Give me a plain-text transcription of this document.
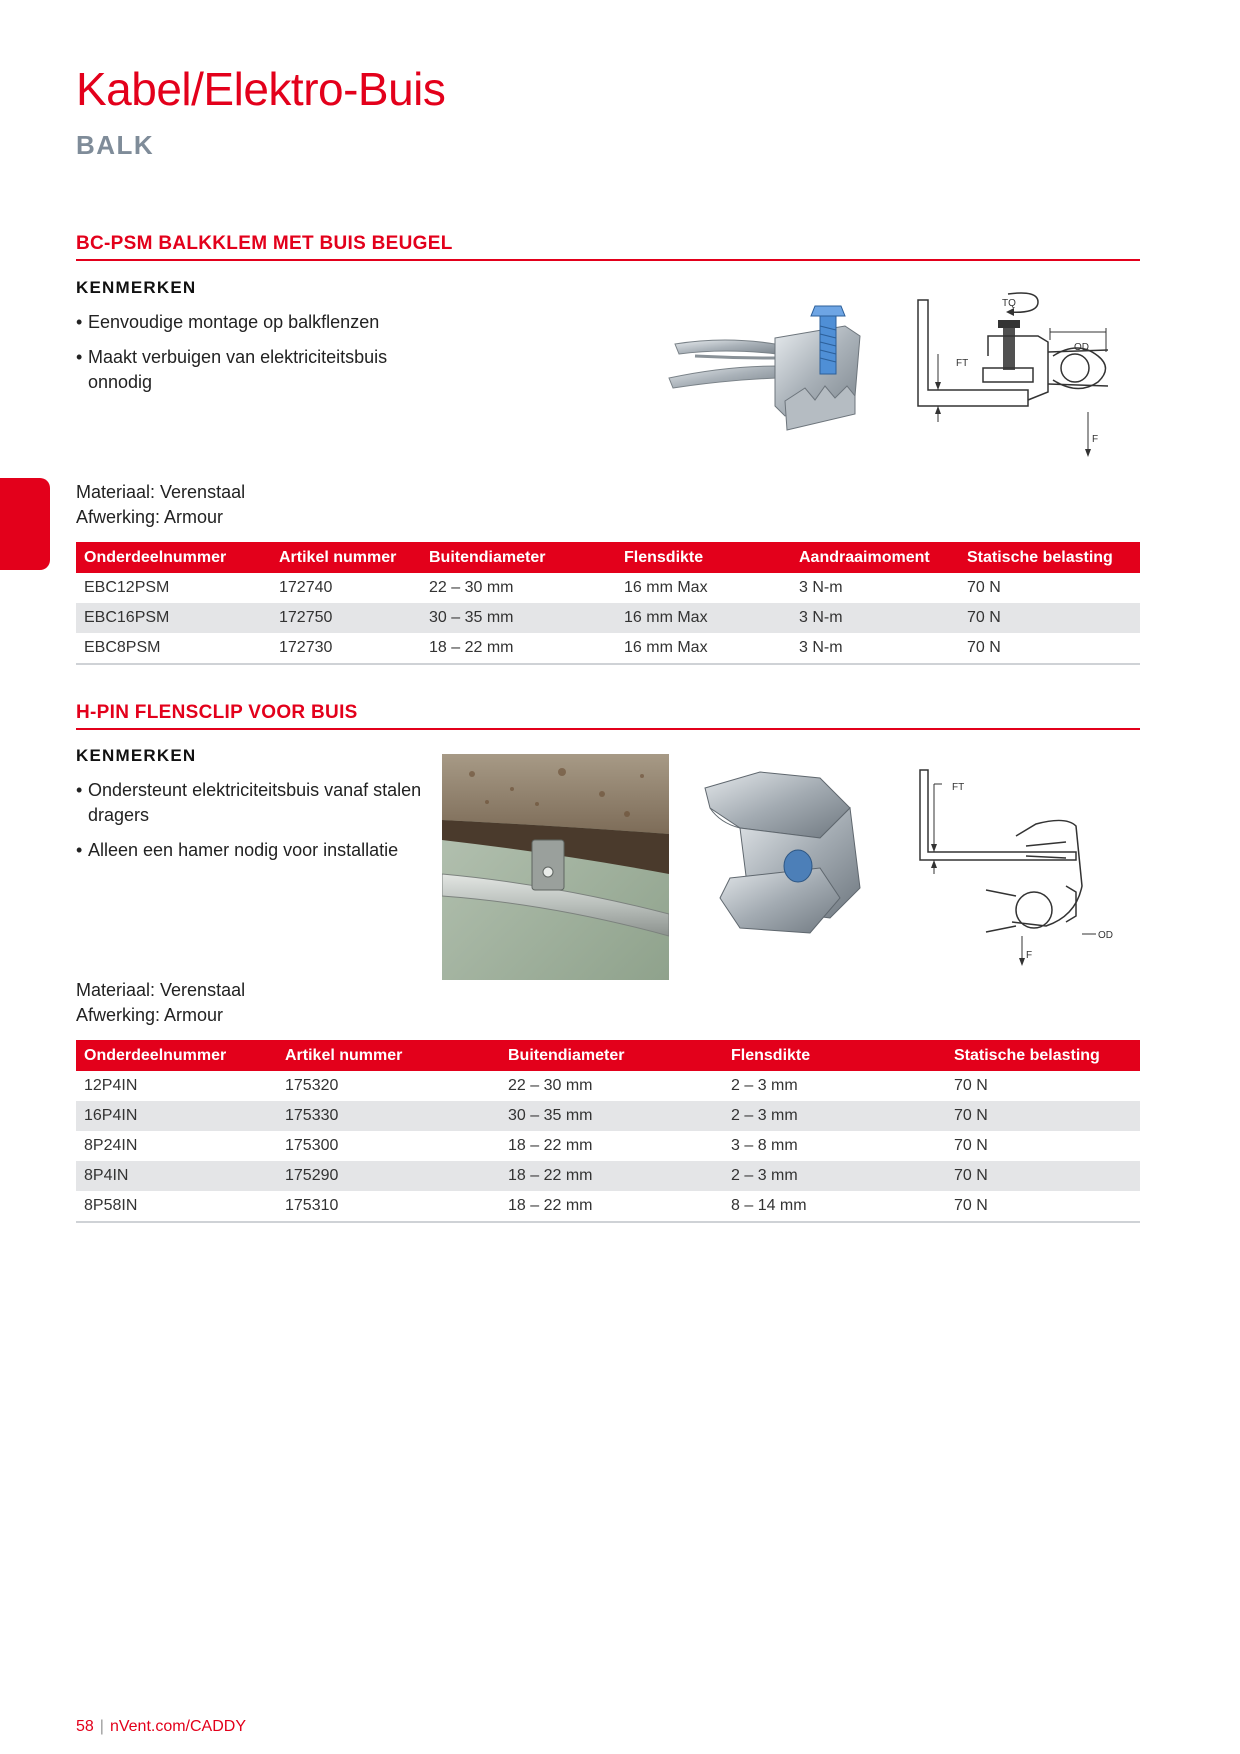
Kabel/Elektro-Buis
BALK
BC-PSM BALKKLEM MET BUIS BEUGEL
KENMERKEN
• Eenvoudige montage op balkflenzen
• Maakt verbuigen van elektriciteitsbuis onnodig
TQ
OD
FT
F
Materiaal: Verenstaal
Afwerking: Armour
Onderdeelnummer	Artikel nummer	Buitendiameter	Flensdikte	Aandraaimoment	Statische belasting
EBC12PSM	172740	22 – 30 mm	16 mm Max	3 N-m	70 N
EBC16PSM	172750	30 – 35 mm	16 mm Max	3 N-m	70 N
EBC8PSM	172730	18 – 22 mm	16 mm Max	3 N-m	70 N
H-PIN FLENSCLIP VOOR BUIS
KENMERKEN
• Ondersteunt elektriciteitsbuis vanaf stalen dragers
• Alleen een hamer nodig voor installatie
FT
OD
F
Materiaal: Verenstaal
Afwerking: Armour
Onderdeelnummer	Artikel nummer	Buitendiameter	Flensdikte	Statische belasting
12P4IN	175320	22 – 30 mm	2 – 3 mm	70 N
16P4IN	175330	30 – 35 mm	2 – 3 mm	70 N
8P24IN	175300	18 – 22 mm	3 – 8 mm	70 N
8P4IN	175290	18 – 22 mm	2 – 3 mm	70 N
8P58IN	175310	18 – 22 mm	8 – 14 mm	70 N
58 | nVent.com/CADDY
